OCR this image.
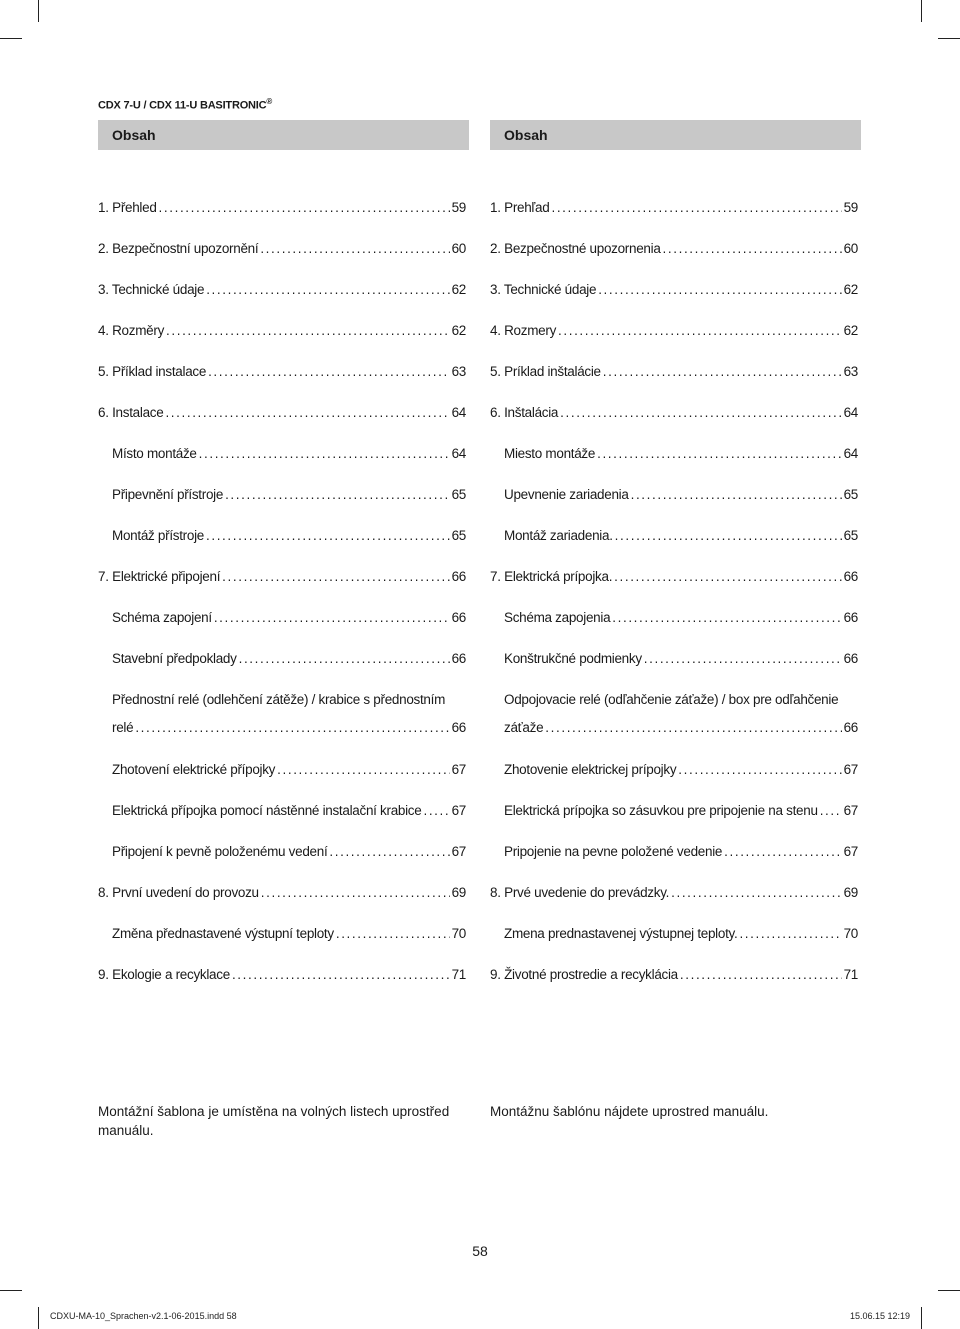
CDX 7-U / CDX 11-U BASITRONIC®
Obsah
1. Přehled .....	59
2. Bezpečnostní upozornění .....	60
3. Technické údaje .....	62
4. Rozměry .....	62
5. Příklad instalace .....	63
6. Instalace .....	64
Místo montáže .....	64
Připevnění přístroje .....	65
Montáž přístroje .....	65
7. Elektrické připojení .....	66
Schéma zapojení .....	66
Stavební předpoklady .....	66
Přednostní relé (odlehčení zátěže) / krabice s přednostním
relé .....	66
Zhotovení elektrické přípojky .....	67
Elektrická přípojka pomocí nástěnné instalační krabice ..... 67
Připojení k pevně položenému vedení .....	67
8. První uvedení do provozu .....	69
Změna přednastavené výstupní teploty .....	70
9. Ekologie a recyklace .....	71
Obsah
1. Prehľad .....	59
2. Bezpečnostné upozornenia .....	60
3. Technické údaje .....	62
4. Rozmery .....	62
5. Príklad inštalácie .....	63
6. Inštalácia .....	64
Miesto montáže .....	64
Upevnenie zariadenia .....	65
Montáž zariadenia. .....	65
7. Elektrická prípojka. .....	66
Schéma zapojenia .....	66
Konštrukčné podmienky .....	66
Odpojovacie relé (odľahčenie záťaže) / box pre odľahčenie
záťaže .....	66
Zhotovenie elektrickej prípojky .....	67
Elektrická prípojka so zásuvkou pre pripojenie na stenu ..... 67
Pripojenie na pevne položené vedenie .....	67
8. Prvé uvedenie do prevádzky. .....	69
Zmena prednastavenej výstupnej teploty. .....	70
9. Životné prostredie a recyklácia .....	71
Montážní šablona je umístěna na volných listech uprostřed manuálu.
Montážnu šablónu nájdete uprostred manuálu.
58
CDXU-MA-10_Sprachen-v2.1-06-2015.indd 58	15.06.15 12:19
